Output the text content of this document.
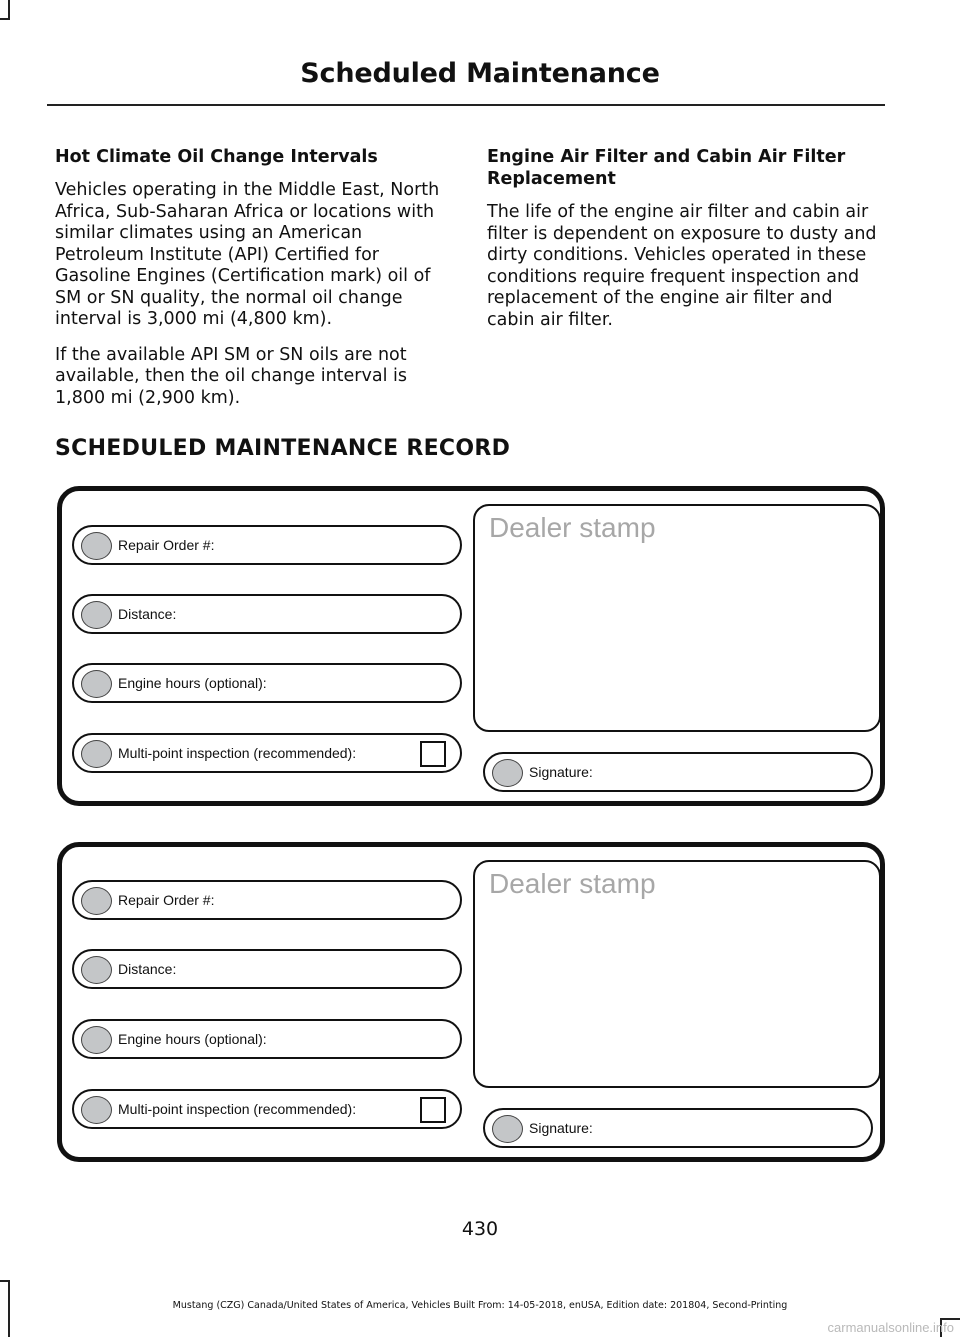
Scheduled Maintenance
Hot Climate Oil Change Intervals

Vehicles operating in the Middle East, North Africa, Sub-Saharan Africa or locations with similar climates using an American Petroleum Institute (API) Certified for Gasoline Engines (Certification mark) oil of SM or SN quality, the normal oil change interval is 3,000 mi (4,800 km).

If the available API SM or SN oils are not available, then the oil change interval is 1,800 mi (2,900 km).

Engine Air Filter and Cabin Air Filter Replacement

The life of the engine air filter and cabin air filter is dependent on exposure to dusty and dirty conditions. Vehicles operated in these conditions require frequent inspection and replacement of the engine air filter and cabin air filter.

SCHEDULED MAINTENANCE RECORD
Repair Order #:
Distance:
Engine hours (optional):
Multi-point inspection (recommended):
Dealer stamp
Signature:
Repair Order #:
Distance:
Engine hours (optional):
Multi-point inspection (recommended):
Dealer stamp
Signature:
430
Mustang (CZG) Canada/United States of America, Vehicles Built From: 14-05-2018, enUSA, Edition date: 201804, Second-Printing
carmanualsonline.info
